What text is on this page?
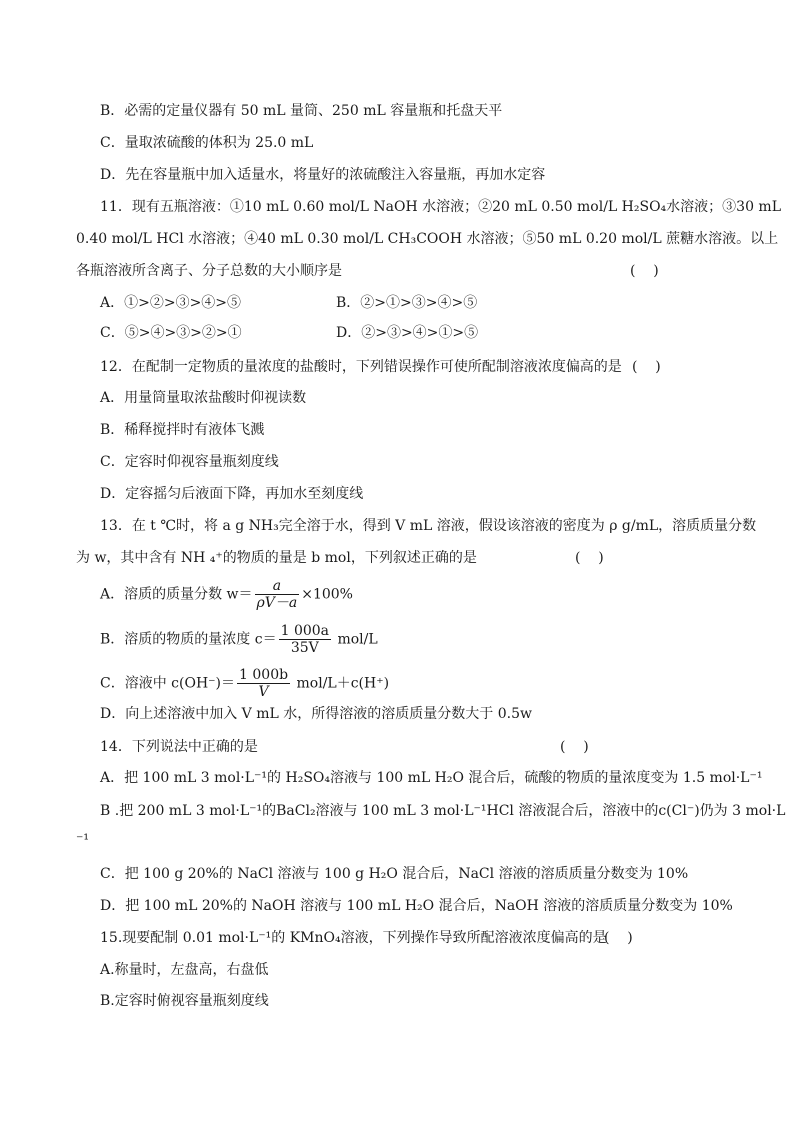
B．必需的定量仪器有 50 mL 量筒、250 mL 容量瓶和托盘天平
C．量取浓硫酸的体积为 25.0 mL
D．先在容量瓶中加入适量水，将量好的浓硫酸注入容量瓶，再加水定容
11．现有五瓶溶液：①10 mL 0.60 mol/L NaOH 水溶液；②20 mL 0.50 mol/L H₂SO₄水溶液；③30 mL
0.40 mol/L HCl 水溶液；④40 mL 0.30 mol/L CH₃COOH 水溶液；⑤50 mL 0.20 mol/L 蔗糖水溶液。以上
各瓶溶液所含离子、分子总数的大小顺序是	(    )
A．①>②>③>④>⑤	B．②>①>③>④>⑤
C．⑤>④>③>②>①	D．②>③>④>①>⑤
12．在配制一定物质的量浓度的盐酸时，下列错误操作可使所配制溶液浓度偏高的是 (    )
A．用量筒量取浓盐酸时仰视读数
B．稀释搅拌时有液体飞溅
C．定容时仰视容量瓶刻度线
D．定容摇匀后液面下降，再加水至刻度线
13．在 t ℃时，将 a g NH₃完全溶于水，得到 V mL 溶液，假设该溶液的密度为 ρ g/mL，溶质质量分数
为 w，其中含有 NH ₄⁺的物质的量是 b mol，下列叙述正确的是	(    )
A．溶质的质量分数 $w= \frac{a}{\rho V-a} \times 100\%$
B．溶质的物质的量浓度 $c= \frac{1 000a}{35V} mol/L$
C．溶液中 $c(OH^-)= \frac{1 000b}{V} mol/L+c(H^+)$
D．向上述溶液中加入 V mL 水，所得溶液的溶质质量分数大于 0.5w
14．下列说法中正确的是	(    )
A．把 100 mL 3 mol·L⁻¹的 H₂SO₄溶液与 100 mL H₂O 混合后，硫酸的物质的量浓度变为 1.5 mol·L⁻¹
B .把 200 mL 3 mol·L⁻¹的BaCl₂溶液与 100 mL 3 mol·L⁻¹HCl 溶液混合后，溶液中的c(Cl⁻)仍为 3 mol·L
⁻¹
C．把 100 g 20%的 NaCl 溶液与 100 g H₂O 混合后，NaCl 溶液的溶质质量分数变为 10%
D．把 100 mL 20%的 NaOH 溶液与 100 mL H₂O 混合后，NaOH 溶液的溶质质量分数变为 10%
15.现要配制 0.01 mol·L⁻¹的 KMnO₄溶液，下列操作导致所配溶液浓度偏高的是
(    )
A.称量时，左盘高，右盘低
B.定容时俯视容量瓶刻度线
